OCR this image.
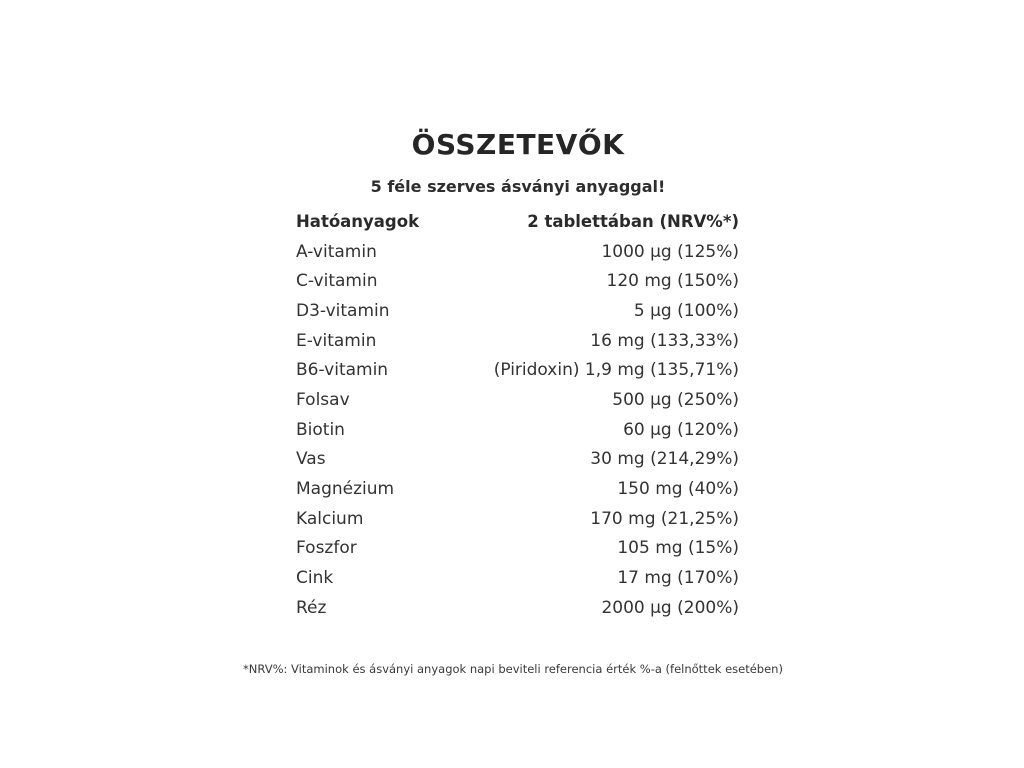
ÖSSZETEVŐK
5 féle szerves ásványi anyaggal!
Hatóanyagok	2 tablettában (NRV%*)
A-vitamin	1000 µg (125%)
C-vitamin	120 mg (150%)
D3-vitamin	5 µg (100%)
E-vitamin	16 mg (133,33%)
B6-vitamin	(Piridoxin) 1,9 mg (135,71%)
Folsav	500 µg (250%)
Biotin	60 µg (120%)
Vas	30 mg (214,29%)
Magnézium	150 mg (40%)
Kalcium	170 mg (21,25%)
Foszfor	105 mg (15%)
Cink	17 mg (170%)
Réz	2000 µg (200%)
*NRV%: Vitaminok és ásványi anyagok napi beviteli referencia érték %-a (felnőttek esetében)
